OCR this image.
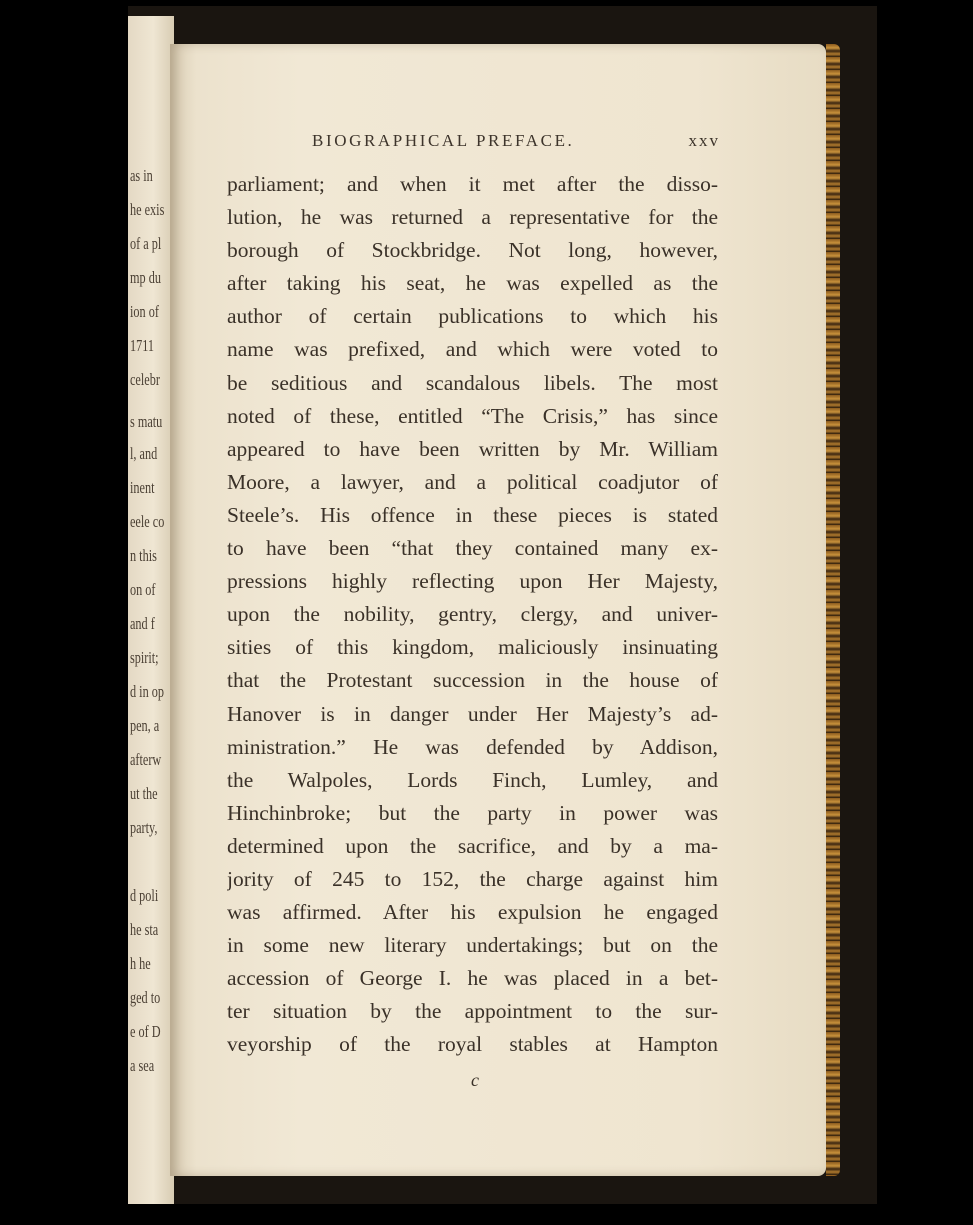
as in
he exis
of a pl
mp du
ion of
1711
celebr
s matu
l, and
inent
eele co
n this
on of
and f
spirit;
d in op
pen, a
afterw
ut the
party,
d poli
he sta
h he
ged to
e of D
a sea
BIOGRAPHICAL PREFACE.	xxv
parliament; and when it met after the disso-
lution, he was returned a representative for the
borough of Stockbridge. Not long, however,
after taking his seat, he was expelled as the
author of certain publications to which his
name was prefixed, and which were voted to
be seditious and scandalous libels. The most
noted of these, entitled “The Crisis,” has since
appeared to have been written by Mr. William
Moore, a lawyer, and a political coadjutor of
Steele’s. His offence in these pieces is stated
to have been “that they contained many ex-
pressions highly reflecting upon Her Majesty,
upon the nobility, gentry, clergy, and univer-
sities of this kingdom, maliciously insinuating
that the Protestant succession in the house of
Hanover is in danger under Her Majesty’s ad-
ministration.” He was defended by Addison,
the Walpoles, Lords Finch, Lumley, and
Hinchinbroke; but the party in power was
determined upon the sacrifice, and by a ma-
jority of 245 to 152, the charge against him
was affirmed. After his expulsion he engaged
in some new literary undertakings; but on the
accession of George I. he was placed in a bet-
ter situation by the appointment to the sur-
veyorship of the royal stables at Hampton
c
